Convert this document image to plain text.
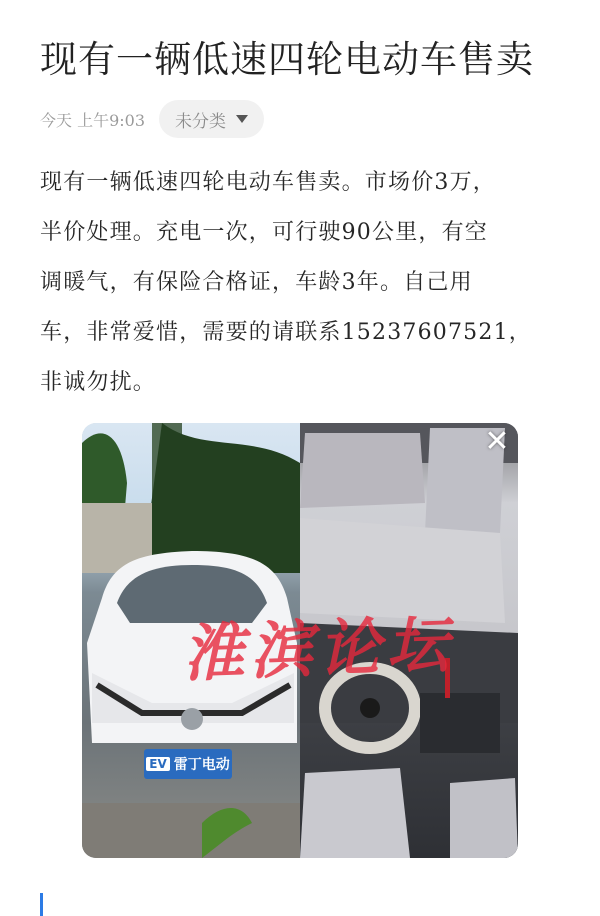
现有一辆低速四轮电动车售卖
今天 上午9:03 未分类

现有一辆低速四轮电动车售卖。市场价3万，

半价处理。充电一次，可行驶90公里，有空

调暖气，有保险合格证，车龄3年。自己用

车，非常爱惜，需要的请联系15237607521，

非诚勿扰。

EV 雷丁电动
淮滨论坛
✕
